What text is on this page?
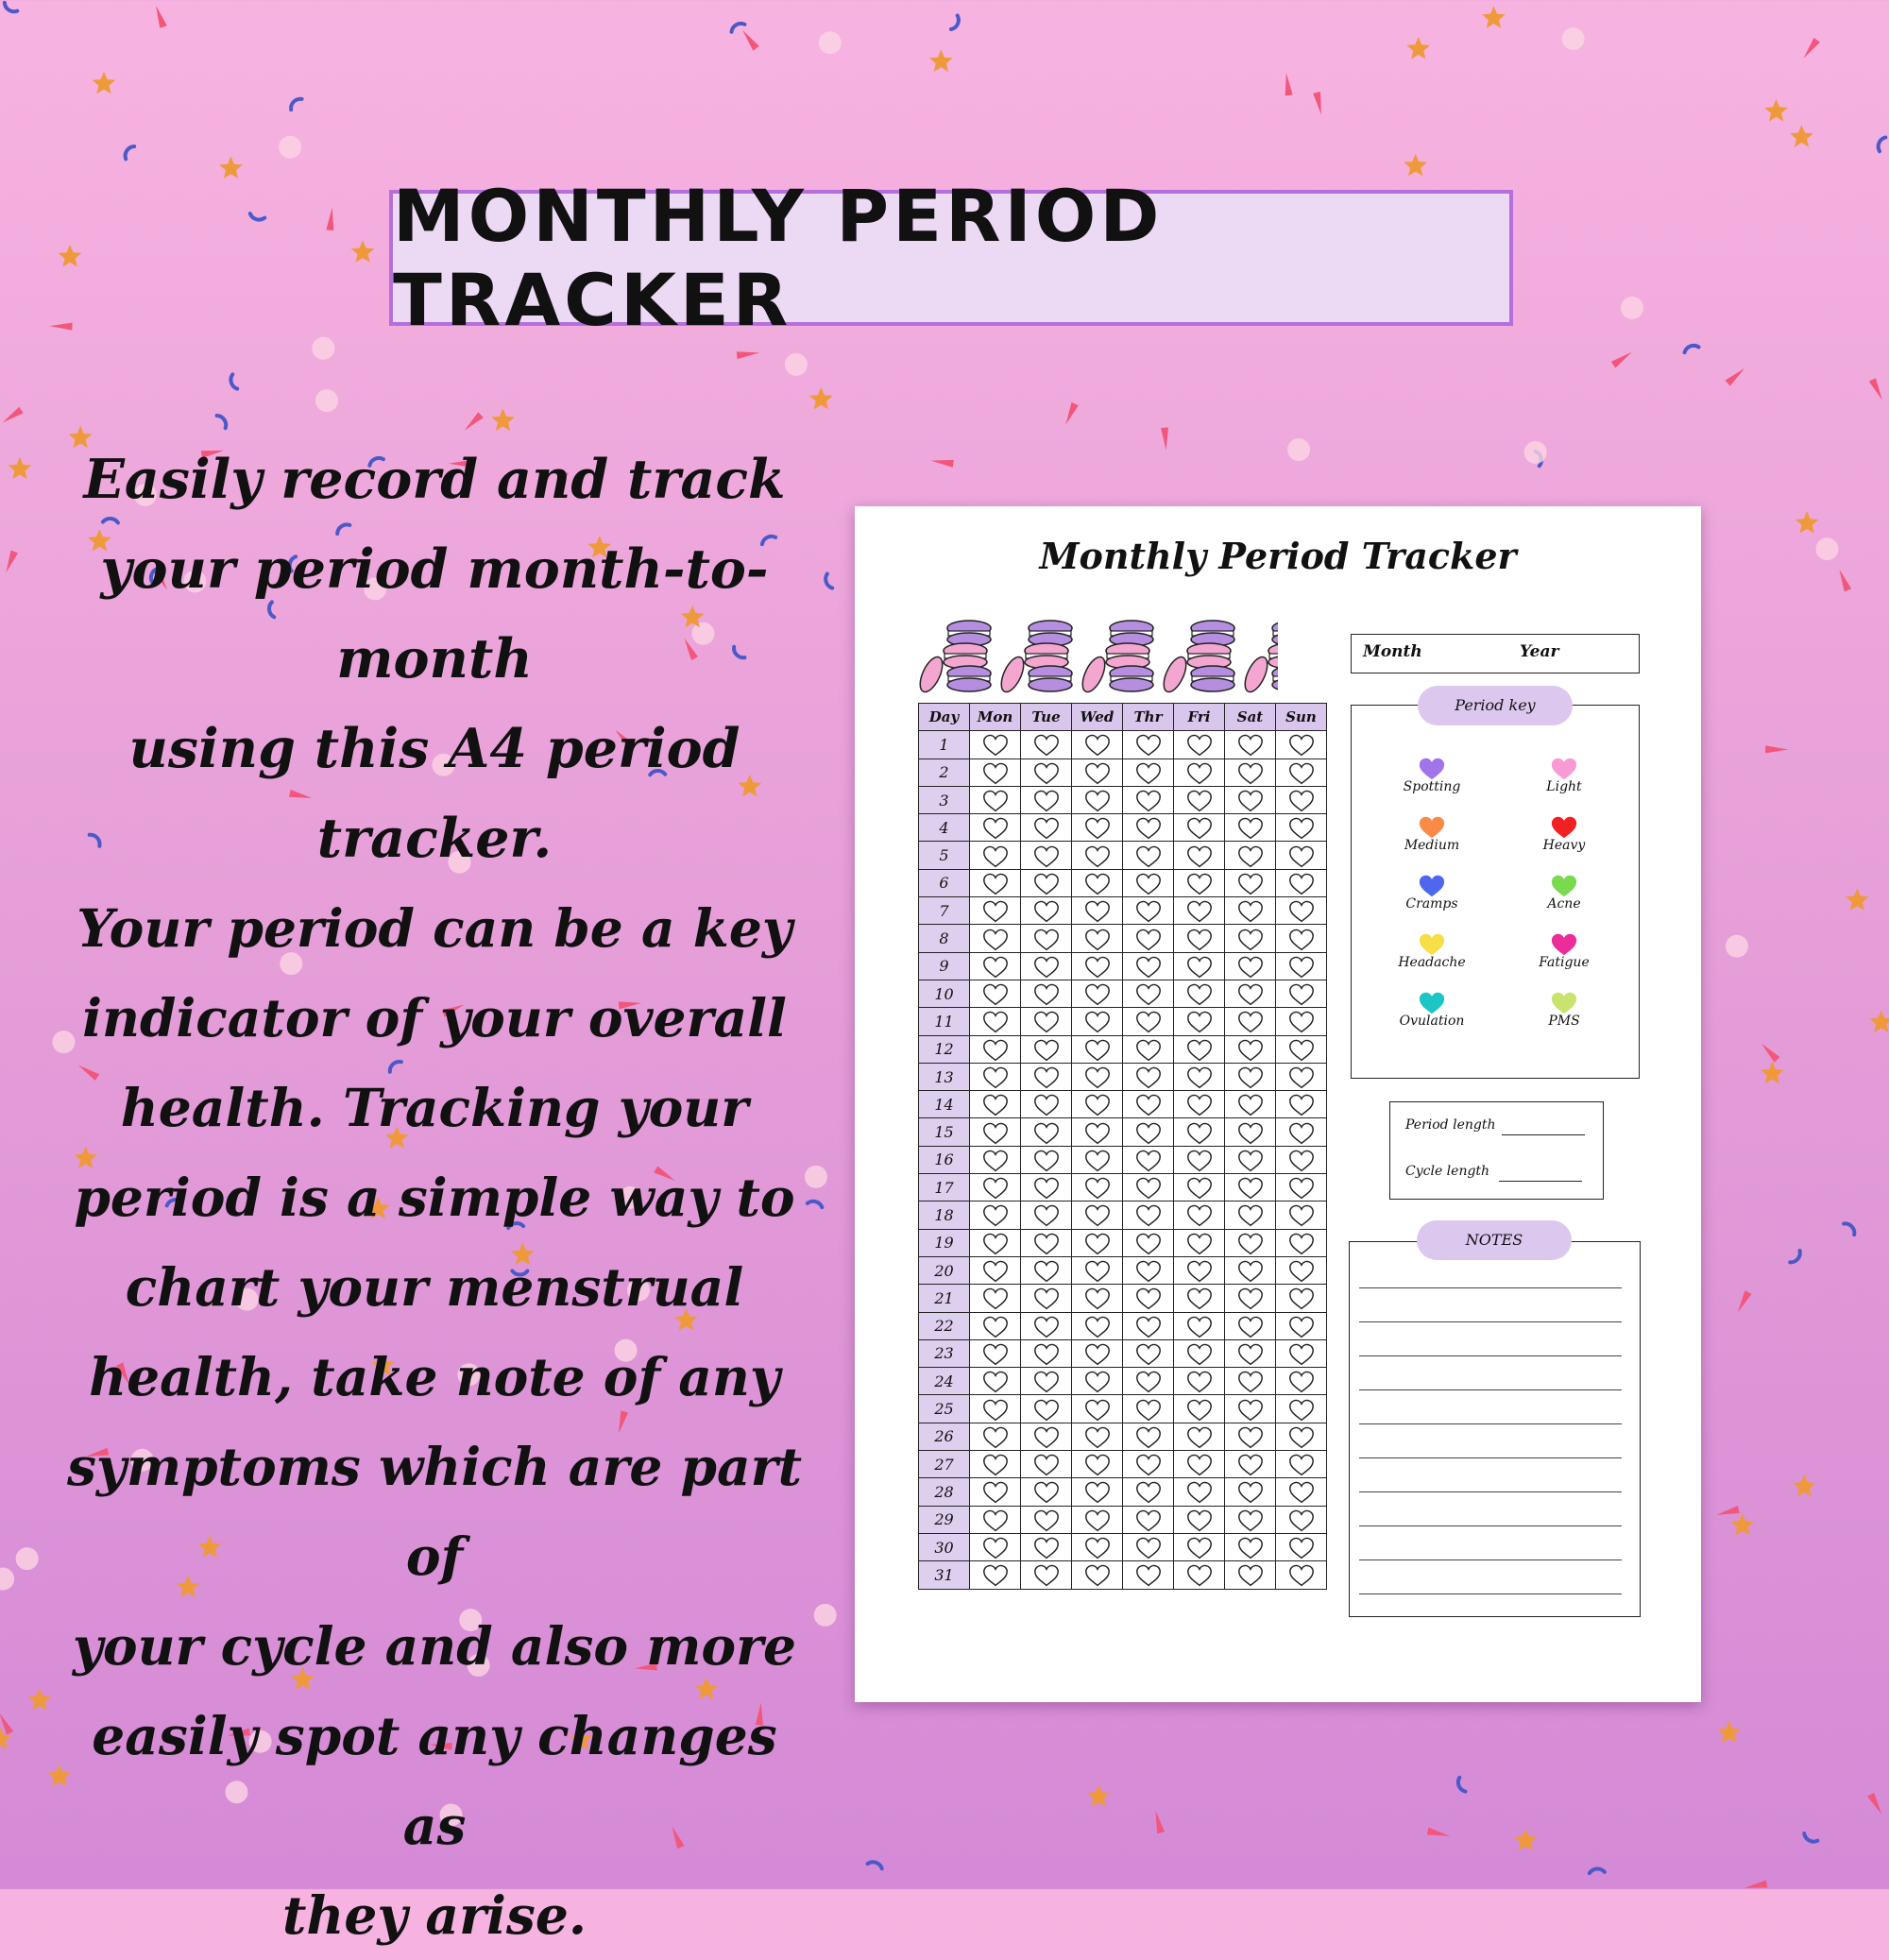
MONTHLY PERIOD TRACKER
Easily record and track
your period month-to-month
using this A4 period
tracker.
Your period can be a key
indicator of your overall
health. Tracking your
period is a simple way to
chart your menstrual
health, take note of any
symptoms which are part of
your cycle and also more
easily spot any changes as
they arise.
Monthly Period Tracker
Day	Mon	Tue	Wed	Thr	Fri	Sat	Sun
1	

2	

3	

4	

5	

6	

7	

8	

9	

10	

11	

12	

13	

14	

15	

16	

17	

18	

19	

20	

21	

22	

23	

24	

25	

26	

27	

28	

29	

30	

31	

Month	Year
Spotting	Light
Medium	Heavy
Cramps	Acne
Headache	Fatigue
Ovulation	PMS
Period key
Period length
Cycle length
NOTES
